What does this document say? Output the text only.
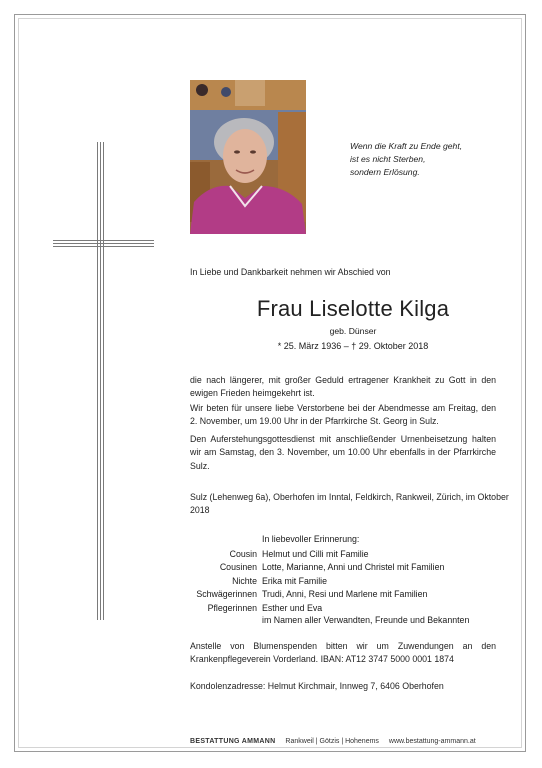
Wenn die Kraft zu Ende geht,
ist es nicht Sterben,
sondern Erlösung.
In Liebe und Dankbarkeit nehmen wir Abschied von
Frau Liselotte Kilga
geb. Dünser
* 25. März 1936 – † 29. Oktober 2018
die nach längerer, mit großer Geduld ertragener Krankheit zu Gott in den ewigen Frieden heimgekehrt ist.
Wir beten für unsere liebe Verstorbene bei der Abendmesse am Freitag, den 2. November, um 19.00 Uhr in der Pfarrkirche St. Georg in Sulz.
Den Auferstehungsgottesdienst mit anschließender Urnenbeisetzung halten wir am Samstag, den 3. November, um 10.00 Uhr ebenfalls in der Pfarrkirche Sulz.
Sulz (Lehenweg 6a), Oberhofen im Inntal, Feldkirch, Rankweil, Zürich, im Oktober 2018
In liebevoller Erinnerung:
Cousin Helmut und Cilli mit Familie
Cousinen Lotte, Marianne, Anni und Christel mit Familien
Nichte Erika mit Familie
Schwägerinnen Trudi, Anni, Resi und Marlene mit Familien
Pflegerinnen Esther und Eva
im Namen aller Verwandten, Freunde und Bekannten
Anstelle von Blumenspenden bitten wir um Zuwendungen an den Krankenpflegeverein Vorderland. IBAN: AT12 3747 5000 0001 1874
Kondolenzadresse: Helmut Kirchmair, Innweg 7, 6406 Oberhofen
BESTATTUNG AMMANN Rankweil | Götzis | Hohenems www.bestattung-ammann.at
